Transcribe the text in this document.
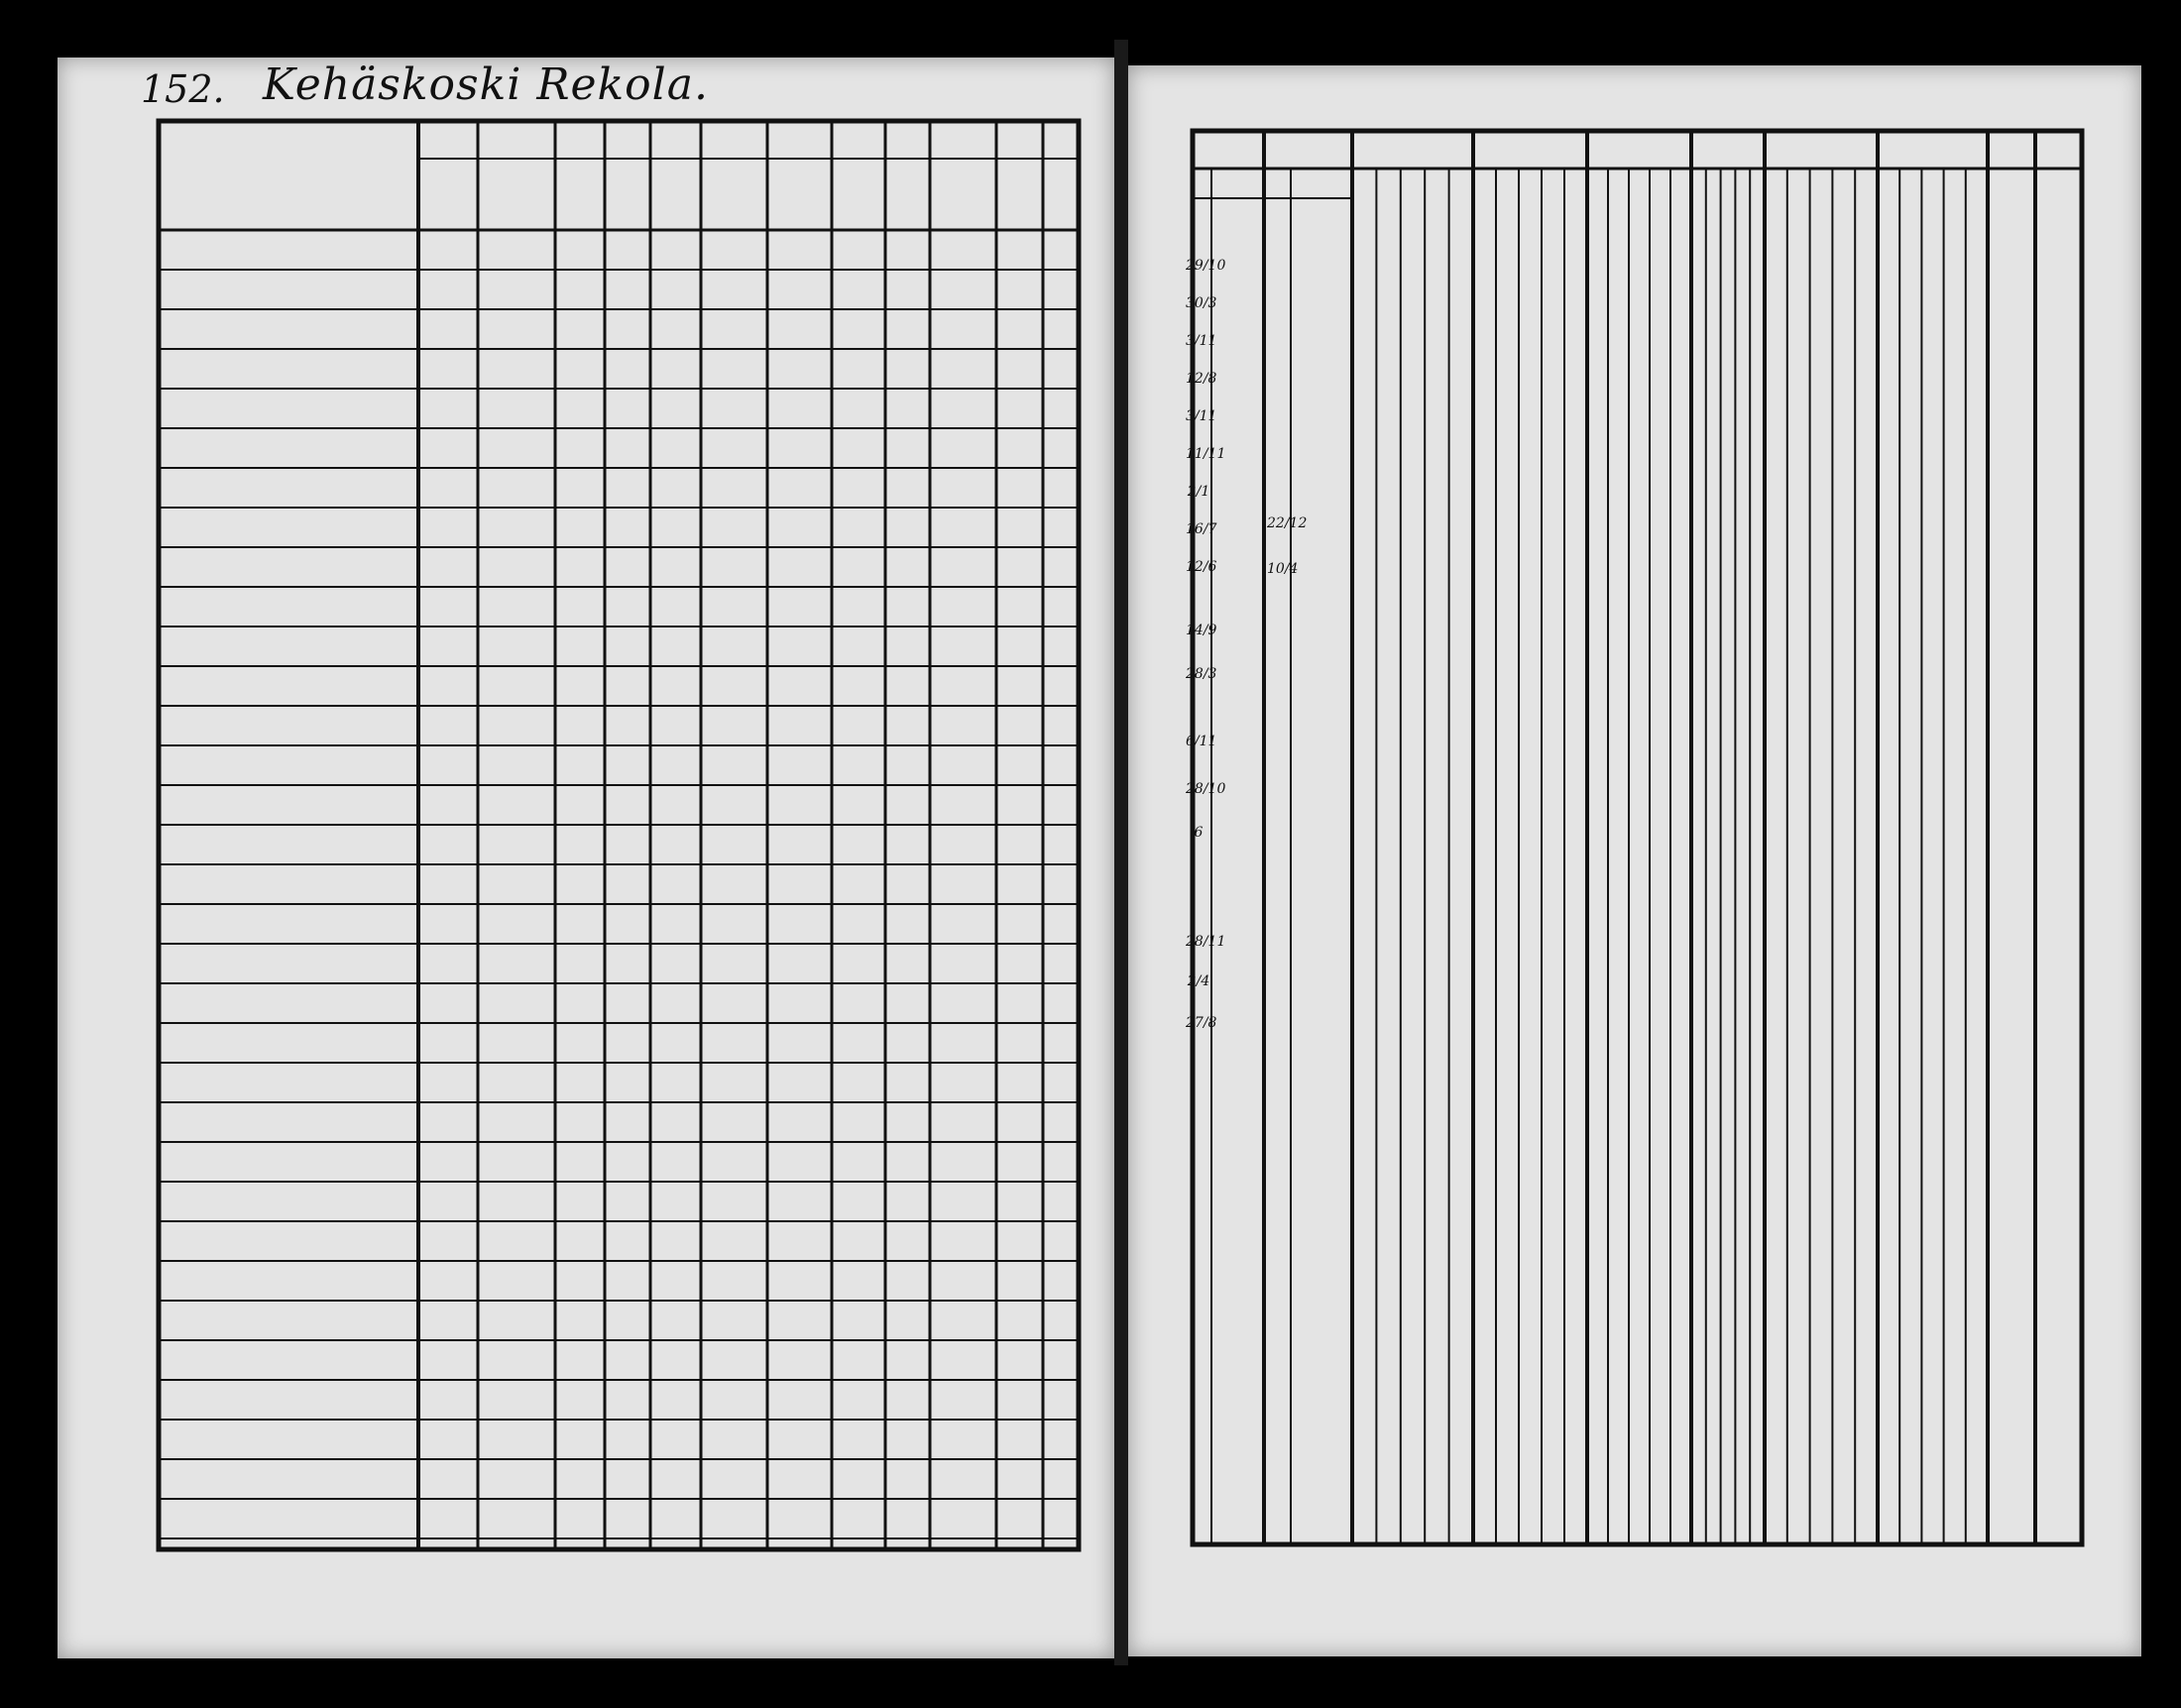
152. Kehäskoski Rekola.
29/10
30/3
3/11
12/8
3/11
11/11
2/1
16/7
12/6
14/9
28/3
6/11
28/10
6
28/11
2/4
27/8
22/12
10/4
